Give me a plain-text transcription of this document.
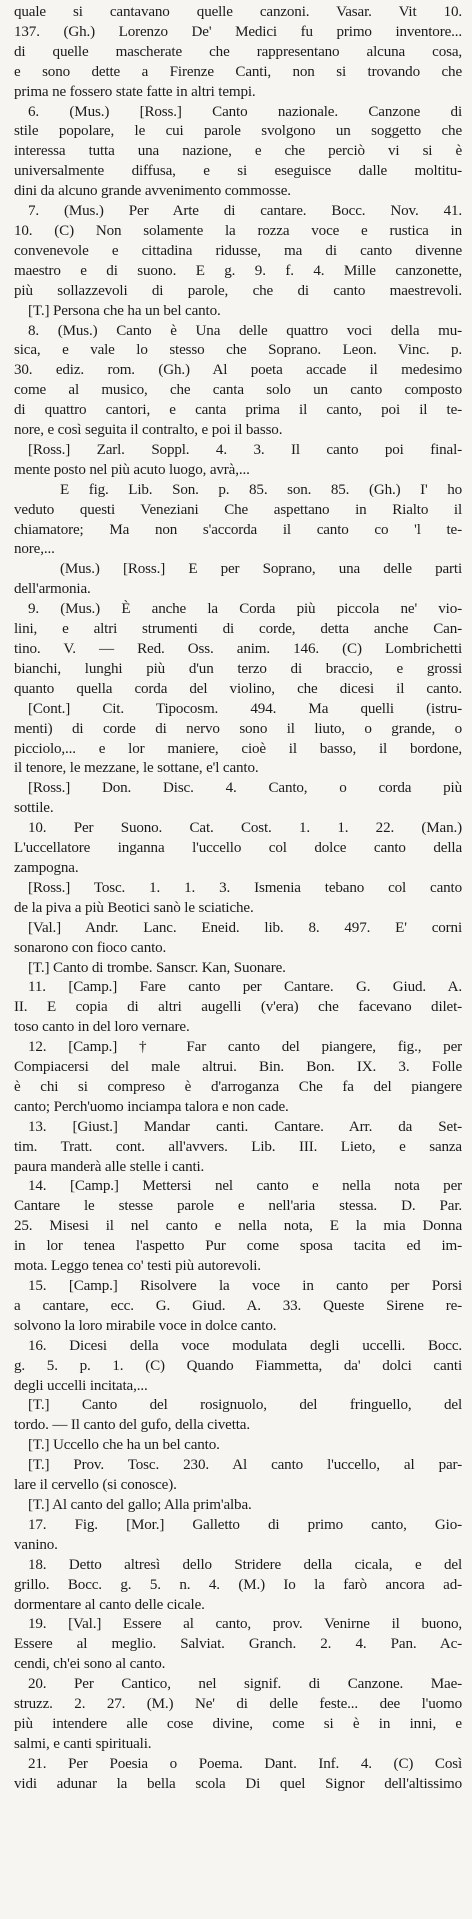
quale si cantavano quelle canzoni. Vasar. Vit 10.
137. (Gh.) Lorenzo De' Medici fu primo inventore...
di quelle mascherate che rappresentano alcuna cosa,
e sono dette a Firenze Canti, non si trovando che
prima ne fossero state fatte in altri tempi.
6. (Mus.) [Ross.] Canto nazionale. Canzone di
stile popolare, le cui parole svolgono un soggetto che
interessa tutta una nazione, e che perciò vi si è
universalmente diffusa, e si eseguisce dalle moltitu-
dini da alcuno grande avvenimento commosse.
7. (Mus.) Per Arte di cantare. Bocc. Nov. 41.
10. (C) Non solamente la rozza voce e rustica in
convenevole e cittadina ridusse, ma di canto divenne
maestro e di suono. E g. 9. f. 4. Mille canzonette,
più sollazzevoli di parole, che di canto maestrevoli.
[T.] Persona che ha un bel canto.
8. (Mus.) Canto è Una delle quattro voci della mu-
sica, e vale lo stesso che Soprano. Leon. Vinc. p.
30. ediz. rom. (Gh.) Al poeta accade il medesimo
come al musico, che canta solo un canto composto
di quattro cantori, e canta prima il canto, poi il te-
nore, e così seguita il contralto, e poi il basso.
[Ross.] Zarl. Soppl. 4. 3. Il canto poi final-
mente posto nel più acuto luogo, avrà,...
E fig. Lib. Son. p. 85. son. 85. (Gh.) I' ho
veduto questi Veneziani Che aspettano in Rialto il
chiamatore; Ma non s'accorda il canto co 'l te-
nore,...
(Mus.) [Ross.] E per Soprano, una delle parti
dell'armonia.
9. (Mus.) È anche la Corda più piccola ne' vio-
lini, e altri strumenti di corde, detta anche Can-
tino. V. — Red. Oss. anim. 146. (C) Lombrichetti
bianchi, lunghi più d'un terzo di braccio, e grossi
quanto quella corda del violino, che dicesi il canto.
[Cont.] Cit. Tipocosm. 494. Ma quelli (istru-
menti) di corde di nervo sono il liuto, o grande, o
picciolo,... e lor maniere, cioè il basso, il bordone,
il tenore, le mezzane, le sottane, e'l canto.
[Ross.] Don. Disc. 4. Canto, o corda più
sottile.
10. Per Suono. Cat. Cost. 1. 1. 22. (Man.)
L'uccellatore inganna l'uccello col dolce canto della
zampogna.
[Ross.] Tosc. 1. 1. 3. Ismenia tebano col canto
de la piva a più Beotici sanò le sciatiche.
[Val.] Andr. Lanc. Eneid. lib. 8. 497. E' corni
sonarono con fioco canto.
[T.] Canto di trombe. Sanscr. Kan, Suonare.
11. [Camp.] Fare canto per Cantare. G. Giud. A.
II. E copia di altri augelli (v'era) che facevano dilet-
toso canto in del loro vernare.
12. [Camp.] † Far canto del piangere, fig., per
Compiacersi del male altrui. Bin. Bon. IX. 3. Folle
è chi si compreso è d'arroganza Che fa del piangere
canto; Perch'uomo inciampa talora e non cade.
13. [Giust.] Mandar canti. Cantare. Arr. da Set-
tim. Tratt. cont. all'avvers. Lib. III. Lieto, e sanza
paura manderà alle stelle i canti.
14. [Camp.] Mettersi nel canto e nella nota per
Cantare le stesse parole e nell'aria stessa. D. Par.
25. Misesi il nel canto e nella nota, E la mia Donna
in lor tenea l'aspetto Pur come sposa tacita ed im-
mota. Leggo tenea co' testi più autorevoli.
15. [Camp.] Risolvere la voce in canto per Porsi
a cantare, ecc. G. Giud. A. 33. Queste Sirene re-
solvono la loro mirabile voce in dolce canto.
16. Dicesi della voce modulata degli uccelli. Bocc.
g. 5. p. 1. (C) Quando Fiammetta, da' dolci canti
degli uccelli incitata,...
[T.] Canto del rosignuolo, del fringuello, del
tordo. — Il canto del gufo, della civetta.
[T.] Uccello che ha un bel canto.
[T.] Prov. Tosc. 230. Al canto l'uccello, al par-
lare il cervello (si conosce).
[T.] Al canto del gallo; Alla prim'alba.
17. Fig. [Mor.] Galletto di primo canto, Gio-
vanino.
18. Detto altresì dello Stridere della cicala, e del
grillo. Bocc. g. 5. n. 4. (M.) Io la farò ancora ad-
dormentare al canto delle cicale.
19. [Val.] Essere al canto, prov. Venirne il buono,
Essere al meglio. Salviat. Granch. 2. 4. Pan. Ac-
cendi, ch'ei sono al canto.
20. Per Cantico, nel signif. di Canzone. Mae-
struzz. 2. 27. (M.) Ne' di delle feste... dee l'uomo
più intendere alle cose divine, come si è in inni, e
salmi, e canti spirituali.
21. Per Poesia o Poema. Dant. Inf. 4. (C) Così
vidi adunar la bella scola Di quel Signor dell'altissimo
